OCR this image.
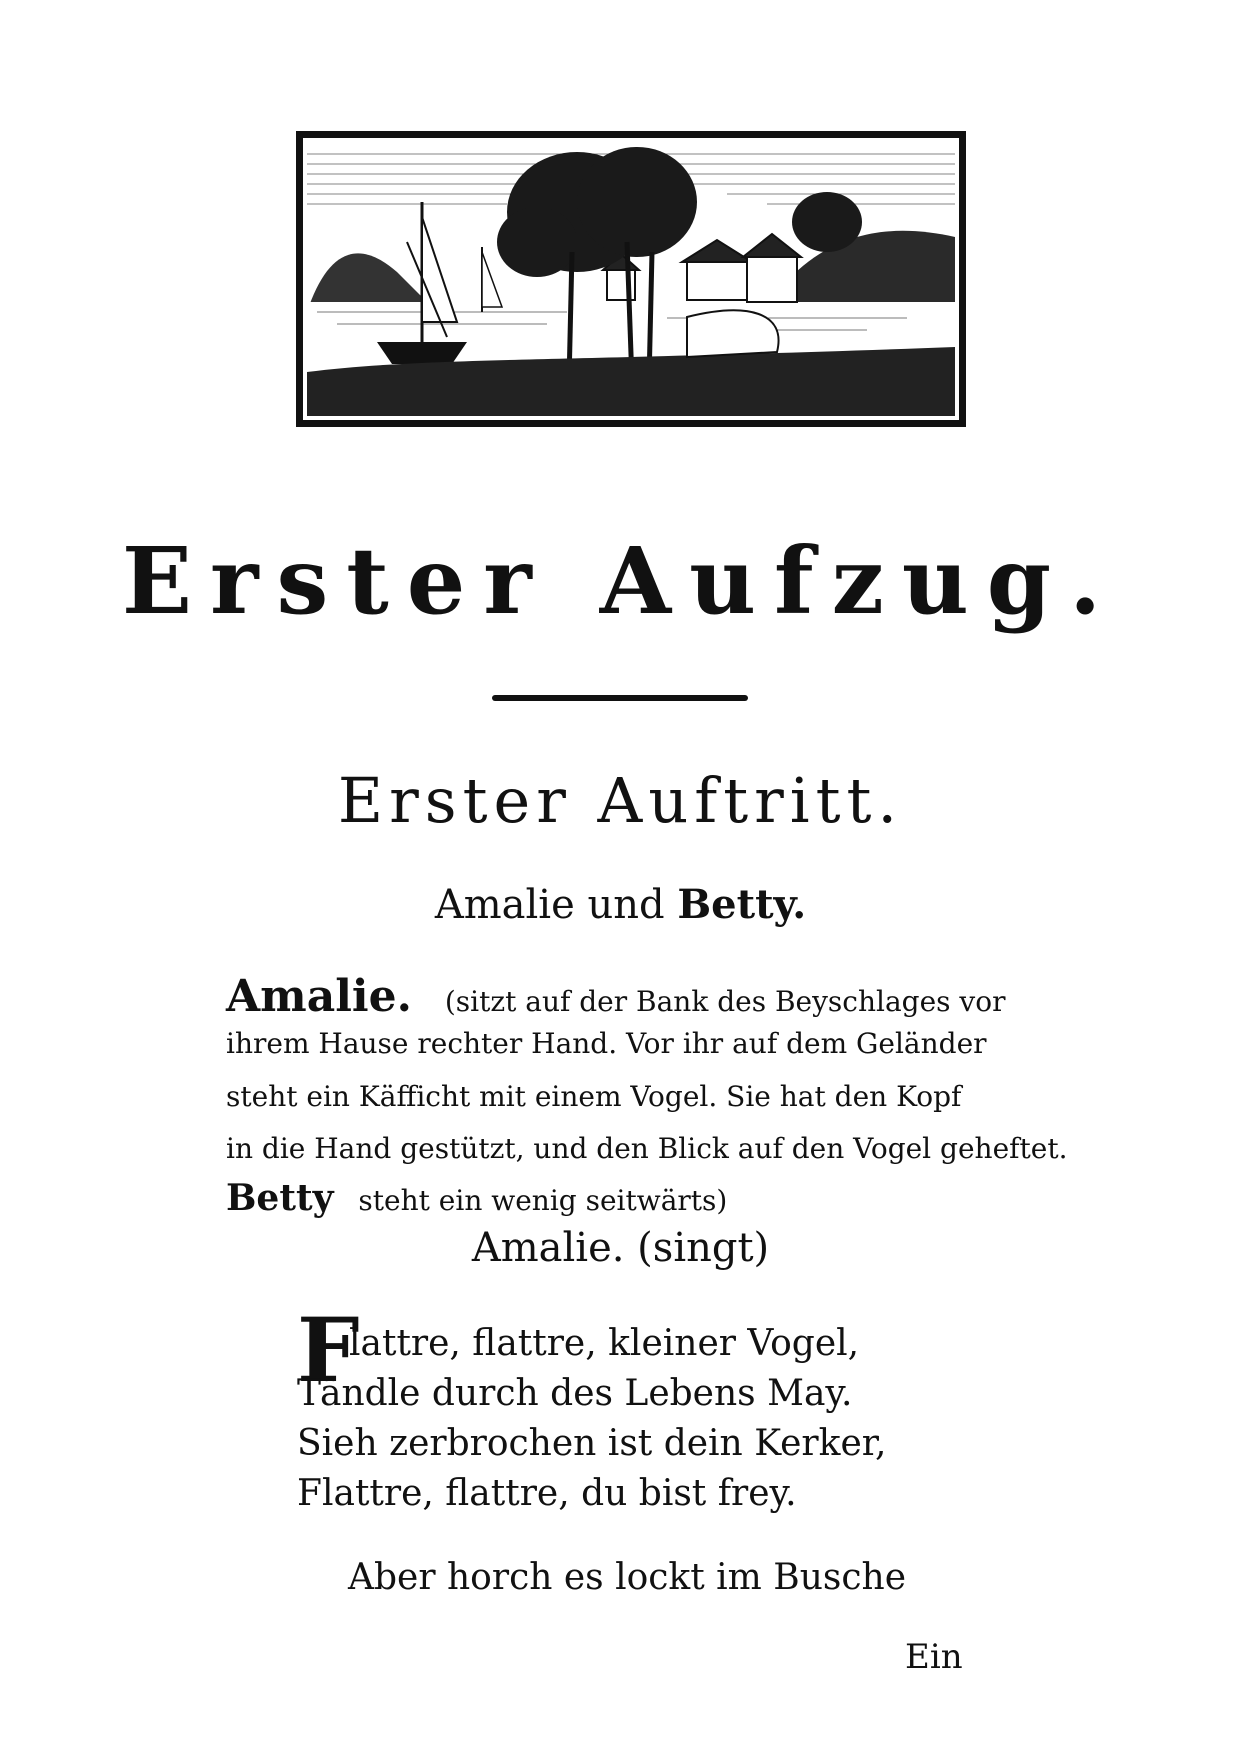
Erster Aufzug.
Erster Auftritt.
Amalie und Betty.
Amalie. (sitzt auf der Bank des Beyschlages vor
ihrem Hause rechter Hand. Vor ihr auf dem Geländer
steht ein Käfficht mit einem Vogel. Sie hat den Kopf
in die Hand gestützt, und den Blick auf den Vogel geheftet.
Betty steht ein wenig seitwärts)
Amalie. (singt)
F
lattre, flattre, kleiner Vogel,
Tändle durch des Lebens May.
Sieh zerbrochen ist dein Kerker,
Flattre, flattre, du bist frey.
Aber horch es lockt im Busche
Ein
